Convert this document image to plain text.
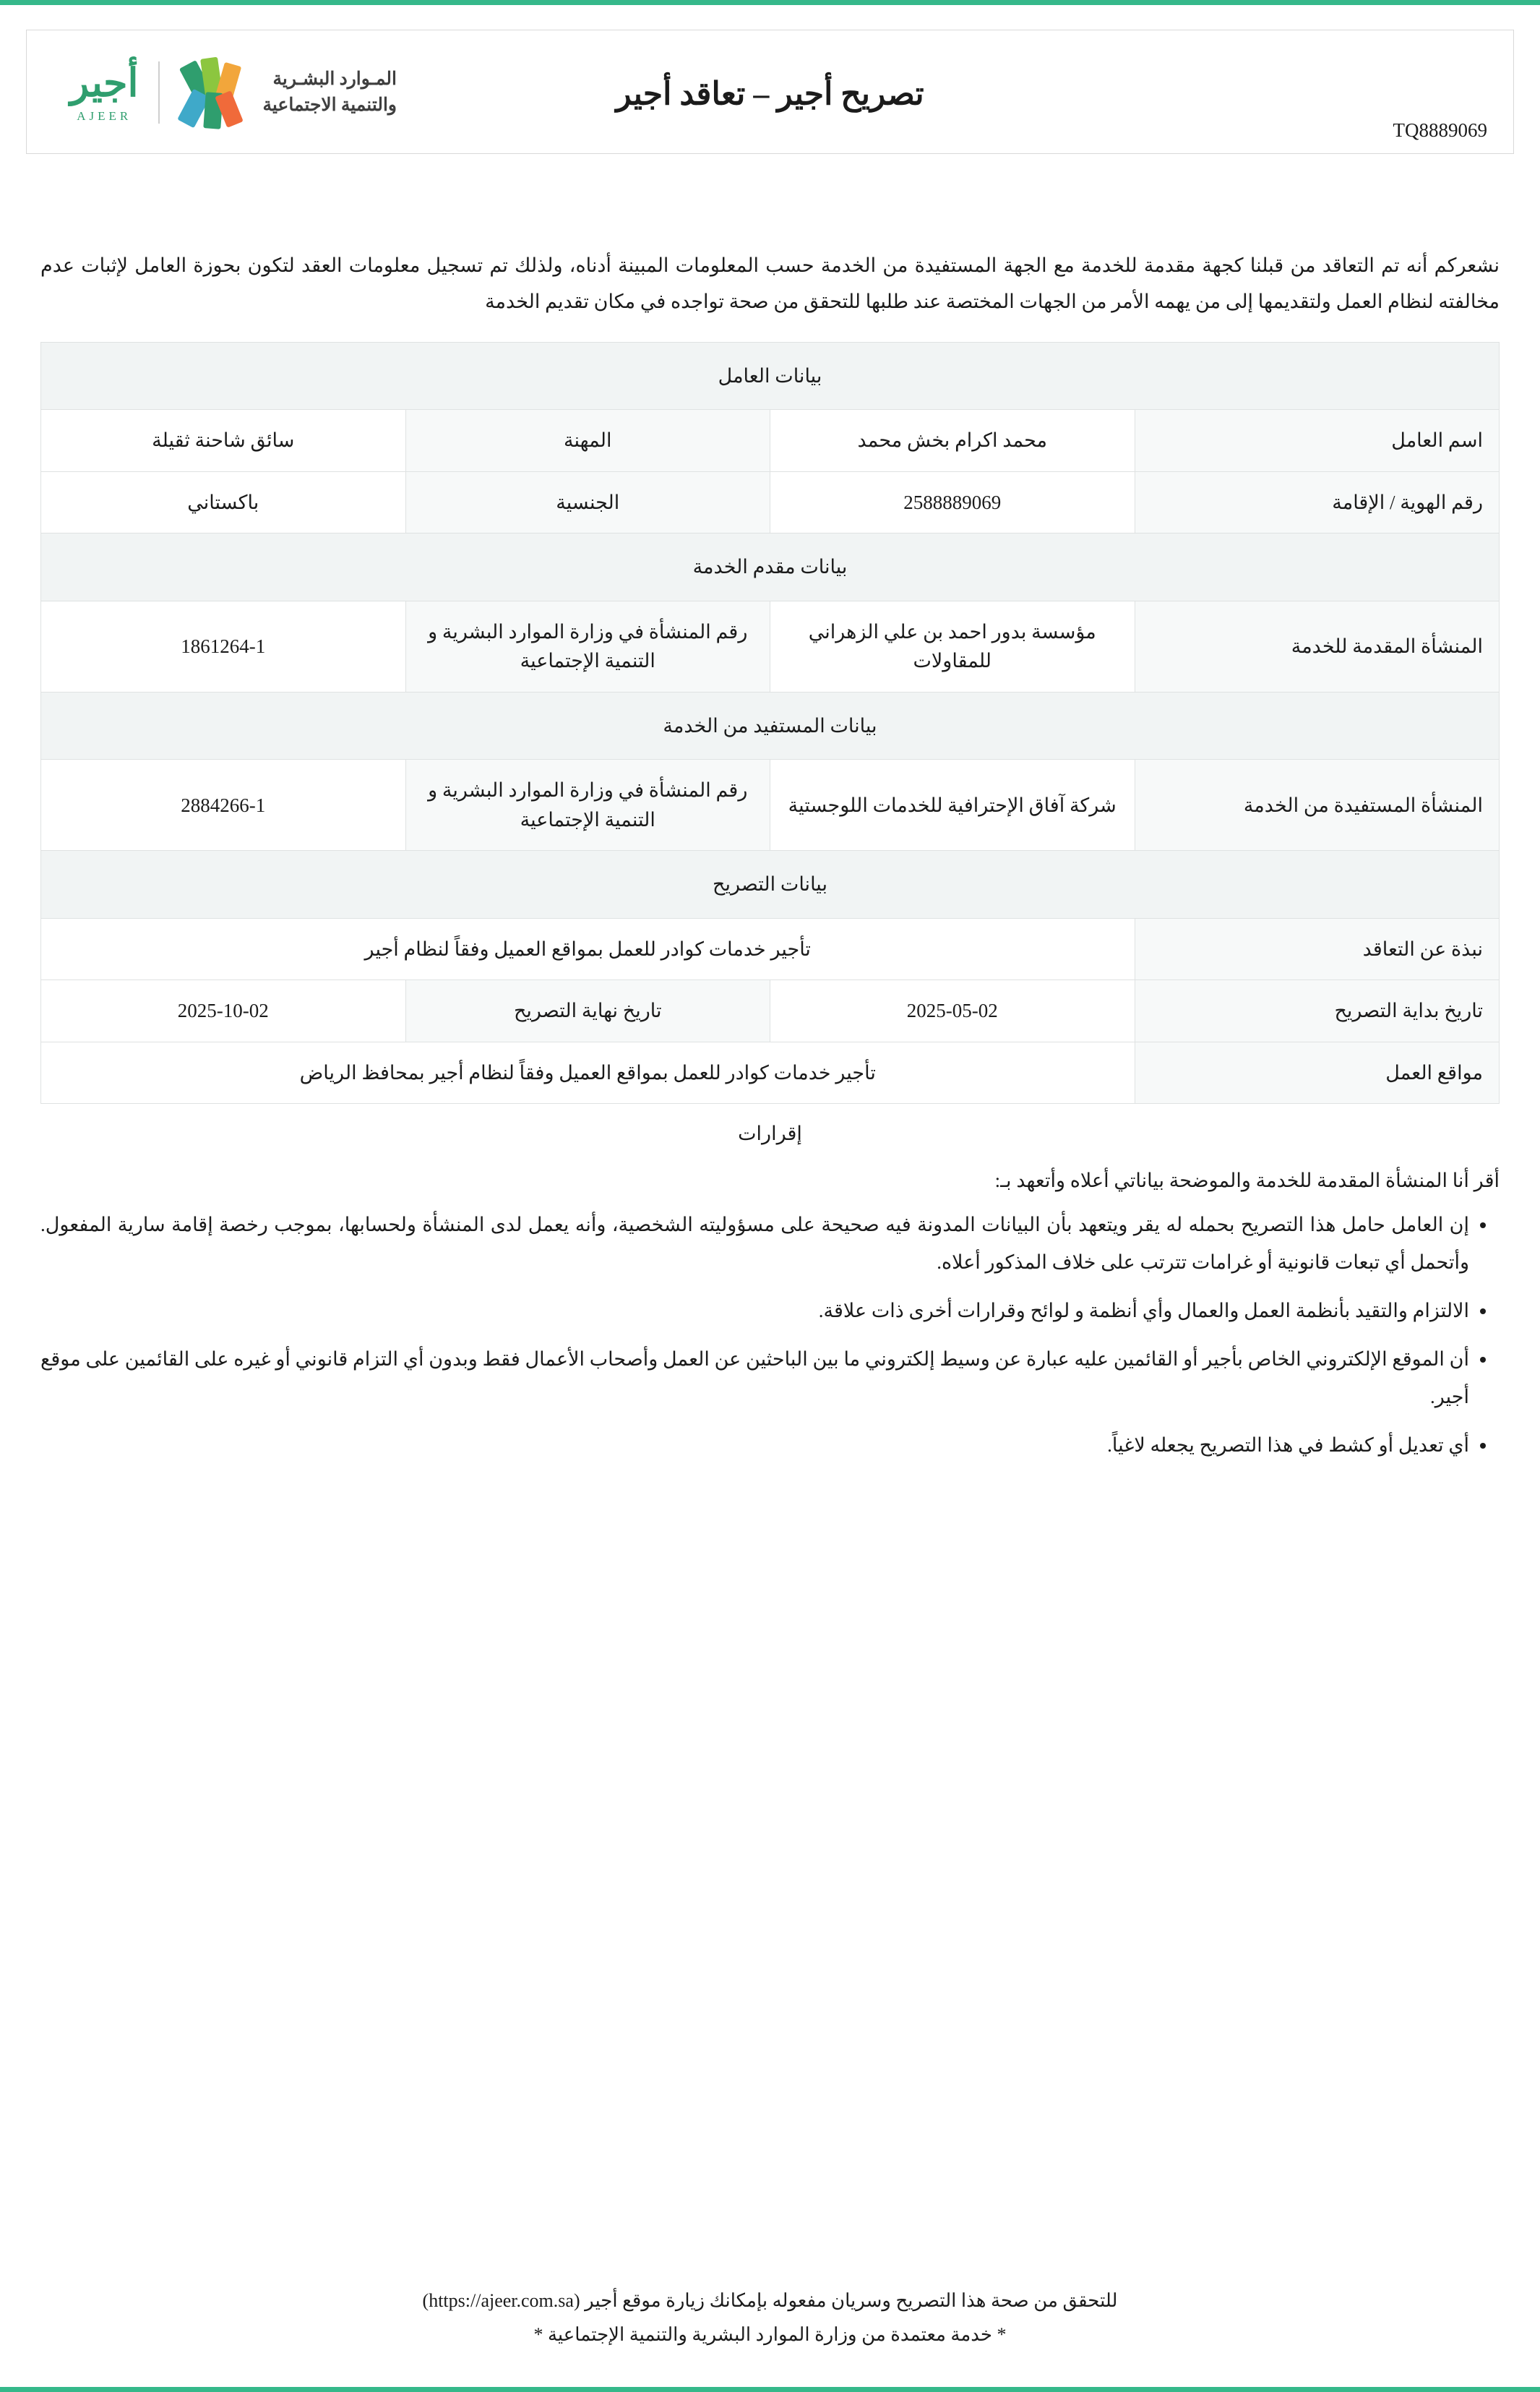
تصريح أجير – تعاقد أجير
TQ8889069
المـوارد البشـرية
والتنمية الاجتماعية
أجير
AJEER
نشعركم أنه تم التعاقد من قبلنا كجهة مقدمة للخدمة مع الجهة المستفيدة من الخدمة حسب المعلومات المبينة أدناه، ولذلك تم تسجيل معلومات العقد لتكون بحوزة العامل لإثبات عدم مخالفته لنظام العمل ولتقديمها إلى من يهمه الأمر من الجهات المختصة عند طلبها للتحقق من صحة تواجده في مكان تقديم الخدمة
بيانات العامل			
اسم العامل	محمد اكرام بخش محمد	المهنة	سائق شاحنة ثقيلة
رقم الهوية / الإقامة	2588889069	الجنسية	باكستاني
بيانات مقدم الخدمة			
المنشأة المقدمة للخدمة	مؤسسة بدور احمد بن علي الزهراني للمقاولات	رقم المنشأة في وزارة الموارد البشرية و التنمية الإجتماعية	1861264-1
بيانات المستفيد من الخدمة			
المنشأة المستفيدة من الخدمة	شركة آفاق الإحترافية للخدمات اللوجستية	رقم المنشأة في وزارة الموارد البشرية و التنمية الإجتماعية	2884266-1
بيانات التصريح			
نبذة عن التعاقد	تأجير خدمات كوادر للعمل بمواقع العميل وفقاً لنظام أجير		
تاريخ بداية التصريح	2025-05-02	تاريخ نهاية التصريح	2025-10-02
مواقع العمل	تأجير خدمات كوادر للعمل بمواقع العميل وفقاً لنظام أجير بمحافظ الرياض		
إقرارات
أقر أنا المنشأة المقدمة للخدمة والموضحة بياناتي أعلاه وأتعهد بـ:
• إن العامل حامل هذا التصريح بحمله له يقر ويتعهد بأن البيانات المدونة فيه صحيحة على مسؤوليته الشخصية، وأنه يعمل لدى المنشأة ولحسابها، بموجب رخصة إقامة سارية المفعول. وأتحمل أي تبعات قانونية أو غرامات تترتب على خلاف المذكور أعلاه.
• الالتزام والتقيد بأنظمة العمل والعمال وأي أنظمة و لوائح وقرارات أخرى ذات علاقة.
• أن الموقع الإلكتروني الخاص بأجير أو القائمين عليه عبارة عن وسيط إلكتروني ما بين الباحثين عن العمل وأصحاب الأعمال فقط وبدون أي التزام قانوني أو غيره على القائمين على موقع أجير.
• أي تعديل أو كشط في هذا التصريح يجعله لاغياً.
للتحقق من صحة هذا التصريح وسريان مفعوله بإمكانك زيارة موقع أجير (https://ajeer.com.sa)
* خدمة معتمدة من وزارة الموارد البشرية والتنمية الإجتماعية *
